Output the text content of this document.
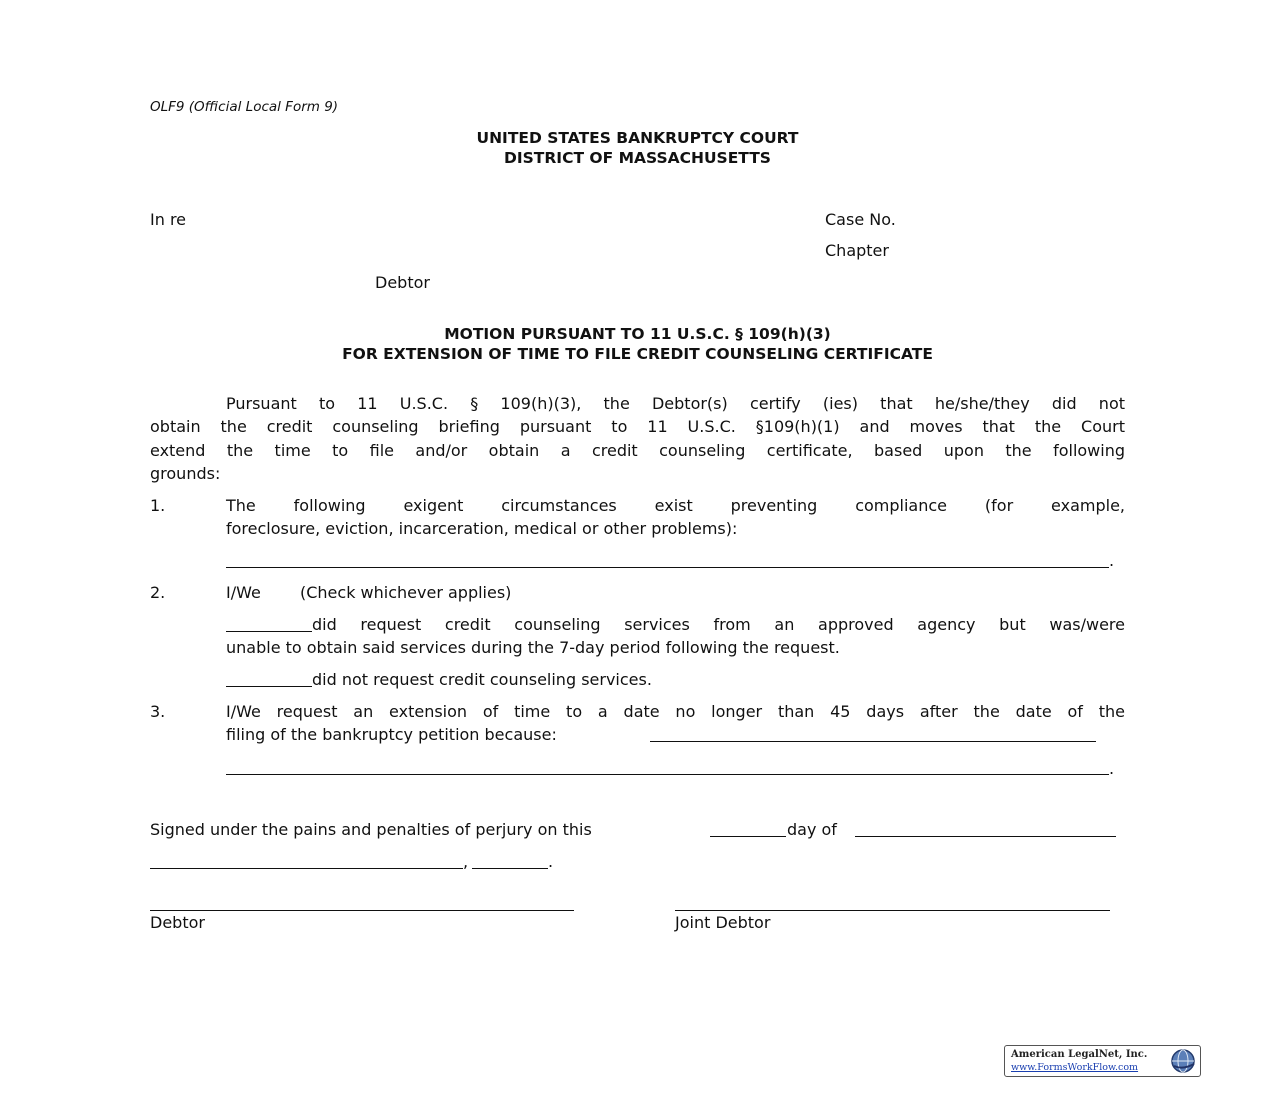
OLF9 (Official Local Form 9)
UNITED STATES BANKRUPTCY COURT
DISTRICT OF MASSACHUSETTS
In re	Case No.
Chapter
Debtor
MOTION PURSUANT TO 11 U.S.C. § 109(h)(3)
FOR EXTENSION OF TIME TO FILE CREDIT COUNSELING CERTIFICATE
Pursuant to 11 U.S.C. § 109(h)(3), the Debtor(s) certify (ies) that he/she/they did not
obtain the credit counseling briefing pursuant to 11 U.S.C. §109(h)(1) and moves that the Court
extend the time to file and/or obtain a credit counseling certificate, based upon the following
grounds:
1.	The following exigent circumstances exist preventing compliance (for example,
foreclosure, eviction, incarceration, medical or other problems):
.
2.	I/We (Check whichever applies)
did request credit counseling services from an approved agency but was/were
unable to obtain said services during the 7-day period following the request.
did not request credit counseling services.
3.	I/We request an extension of time to a date no longer than 45 days after the date of the
filing of the bankruptcy petition because:
.
Signed under the pains and penalties of perjury on this	day of
,	.
Debtor	Joint Debtor
American LegalNet, Inc.
www.FormsWorkFlow.com
